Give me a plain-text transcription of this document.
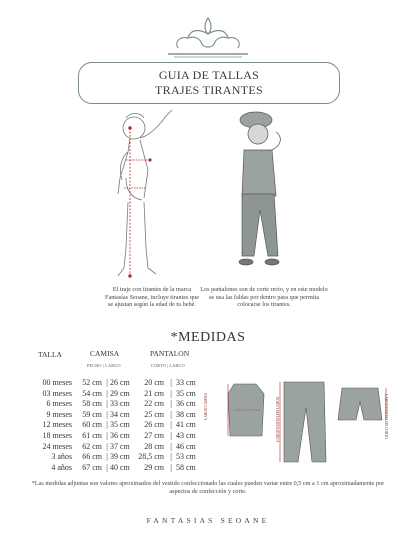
GUIA DE TALLAS
TRAJES TIRANTES
El traje con tirantes de la marca Fantasías Seoane, incluye tirantes que se ajustan según la edad de tu bebé.
Los pantalones son de corte recto, y en este modelo se usa las faldas por dentro para que permita colocarse los tirantes.
*MEDIDAS
TALLA	CAMISA	PANTALON
PECHO | LARGO	CORTO | LARGO
00 meses	52 cm	|	26 cm	20 cm	|	33 cm
03 meses	54 cm	|	29 cm	21 cm	|	35 cm
6 meses	58 cm	|	33 cm	22 cm	|	36 cm
9 meses	59 cm	|	34 cm	25 cm	|	38 cm
12 meses	60 cm	|	35 cm	26 cm	|	41 cm
18 meses	61 cm	|	36 cm	27 cm	|	43 cm
24 meses	62 cm	|	37 cm	28 cm	|	46 cm
3 años	66 cm	|	39 cm	28,5 cm	|	53 cm
4 años	67 cm	|	40 cm	29 cm	|	58 cm
LARGO CAMISA	LARGO PANTALON LARGO	LARGO PANTALON CORTO
*Las medidas adjuntas son valores aproximados del vestido confeccionado las cuales pueden variar entre 0,5 cm a 1 cm aproximadamente por aspectos de confección y corte.
FANTASIAS SEOANE
